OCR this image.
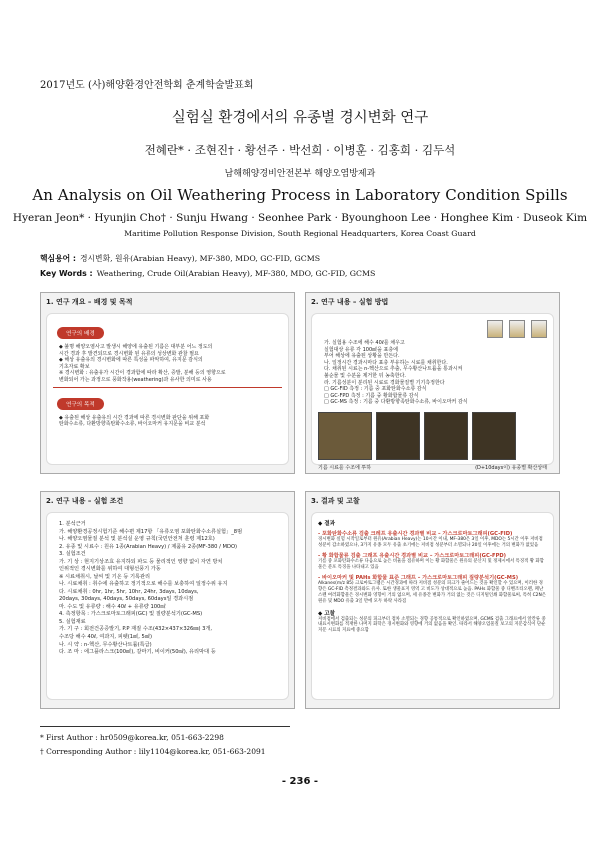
2017년도 (사)해양환경안전학회 춘계학술발표회
실험실 환경에서의 유종별 경시변화 연구
전혜란* · 조현진† · 황선주 · 박선희 · 이병훈 · 김홍희 · 김두석
남해해양경비안전본부 해양오염방제과
An Analysis on Oil Weathering Process in Laboratory Condition Spills
Hyeran Jeon* · Hyunjin Cho† · Sunju Hwang · Seonhee Park · Byounghoon Lee · Honghee Kim · Duseok Kim
Maritime Pollution Response Division, South Regional Headquarters, Korea Coast Guard
핵심용어 : 경시변화, 원유(Arabian Heavy), MF-380, MDO, GC-FID, GCMS
Key Words : Weathering, Crude Oil(Arabian Heavy), MF-380, MDO, GC-FID, GCMS
1. 연구 개요 – 배경 및 목적
연구의 배경
◆ 불명 해양오염사고 발생시 해양에 유출된 기름은 대부분 어느 정도의
시간 경과 후 발견되므로 경시변화 된 유류의 성상변화 관찰 필요
◆ 해상 유출유의 경시변화에 따른 특성을 파악하여, 유지문 감식의
기초자료 확보
※ 경시변화 : 유출유가 시간이 경과함에 따라 확산, 증발, 분해 등의 영향으로
변화되어 가는 과정으로 풍화작용(weathering)과 유사한 의미로 사용
연구의 목적
◆ 유출된 해상 유출유의 시간 경과에 따른 경시변화 판단을 위해 포화
탄화수소류, 다환방향족탄화수소류, 바이오마커 유지문을 비교 분석
2. 연구 내용 – 실험 방법
가. 실험용 수조에 해수 40ℓ를 채우고
실험대상 유류 각 100㎖을 표층에
부어 해상에 유출된 상황을 만든다.
나. 일정시간 경과시마다 표층 부유하는 시료를 채취한다.
다. 채취된 시료는 n-헥산으로 추출, 무수황산나트륨을 통과시켜
불순물 및 수분을 제거한 뒤 농축한다.
라. 기름성분이 분리된 시료로 경화물질별 기기측정한다
□ GC-FID 측정 : 기름 중 포화탄화수소류 감식
□ GC-FPD 측정 : 기름 중 황화합물류 감식
□ GC-MS 측정 : 기름 중 다환방향족탄화수소류, 바이오마커 감식
기름 시료를 수조에 투하	(D+10days이) 유종별 확산상태
2. 연구 내용 – 실험 조건
1. 분석근거
가. 해양환경공정시험기준 해수편 제17항 「유류오염 포화탄화수소류실험」_8범
나. 해양오염물질 분석 및 분석실 운영 규칙(국민안전처 훈령 제12호)
2. 유종 및 시료수 : 원유 1종(Arabian Heavy) / 제품유 2종(MF-380 / MDO)
3. 실험조건
가. 기 상 : 현지기상조효 유지하되 파도 등 물리적인 영향 없이 자연 방치
인위적인 경시변화를 위하여 대형선풍기 가동
※ 시료채취시, 날씨 및 기온 등 기록관리
나. 시료채취 : 취수에 유출하고 정기적으로 해수를 보충하여 일정수위 유지
다. 시료채취 : 0hr, 1hr, 5hr, 10hr, 24hr, 3days, 10days,
20days, 30days, 40days, 50days, 60days일 경과시점
마. 수도 및 유류량 : 해수 40ℓ + 유류량 100㎖
4. 측정항목 : 가스크로마토그래피(GC) 및 질량분석기(GC-MS)
5. 실험재료
가. 기 구 : 회전건공증발기, P.P 재질 수조(432×437×326㎜) 3개,
수조당 해수 40ℓ, 여과지, 피펫(1㎖, 5㎖)
나. 시 약 : n-헥산, 무수황산나트륨(특급)
다. 조 마 : 에그플라스크(100㎖), 갈마기, 비이커(50㎖), 유리막대 등
3. 결과 및 고찰
◆ 결과
- 포화탄화수소류 검출 크레프 유출시간 경과별 비교 – 가스크로마토그래피(GC-FID)
경시변화 실험 시작일로부터 원유(Arabian Heavy)는 10시간 이내, MF-380은 3일 이후, MDO는 5시간 이후 저비점 성분이 감소하였으나, 3가지 유종 모두 유출 초기에는 저비점 성분부터 소멸되나 20일 이후에는 거의 변화가 없었음
- 황 화합물류 검출 그래프 유출시간 경과별 비교 – 가스크로마토그래피(GC-FPD)
기름 중 포화탄화수소류 다음으로 높은 비율을 점유하며 이는 황 화합물은 원유의 분산지 및 정제시에서 특징적 황 화합물은 분포 특징을 나타내고 있음
- 바이오마커 및 PAHs 화합물 표준 그래프 – 가스크로마토그래피 질량분석기(GC-MS)
Alkanes(m/z 85) 크로마토그램은 시간경과에 따라 저비점 성분의 피크가 줄어드는 것을 확인할 수 있으며, 이러한 경향은 GC-FID 측정결과와도 유사. 또한 생물표지 영역 고 비도가 상대적으로 높음. PAHs 화합물 중 디벤조티오펜, 페난스렌 여러화합물은 경시변화 영향이 거의 없으며, 세 유종간 변화가 거의 없는 것은 디지털인쇄 화합물로써, 특히 C2N은 원유 및 MDO 유출 3일 만에 모두 하락 사라짐
◆ 고찰
저비점에서 검출되는 성분의 피크부터 점차 소멸되는 경향 공통적으로 확인하였으며, GCMS 검출 그래프에서 알칸류 중 내표시변화를 적재한 나머지 화학은 경시변화와 영향에 거의 없음을 확인. 따라서 해양오염물질 보고의 지문감식이 단순지문 시료의 지표에 중요함
* First Author : hr0509@korea.kr, 051-663-2298
† Corresponding Author : lily1104@korea.kr, 051-663-2091
- 236 -
